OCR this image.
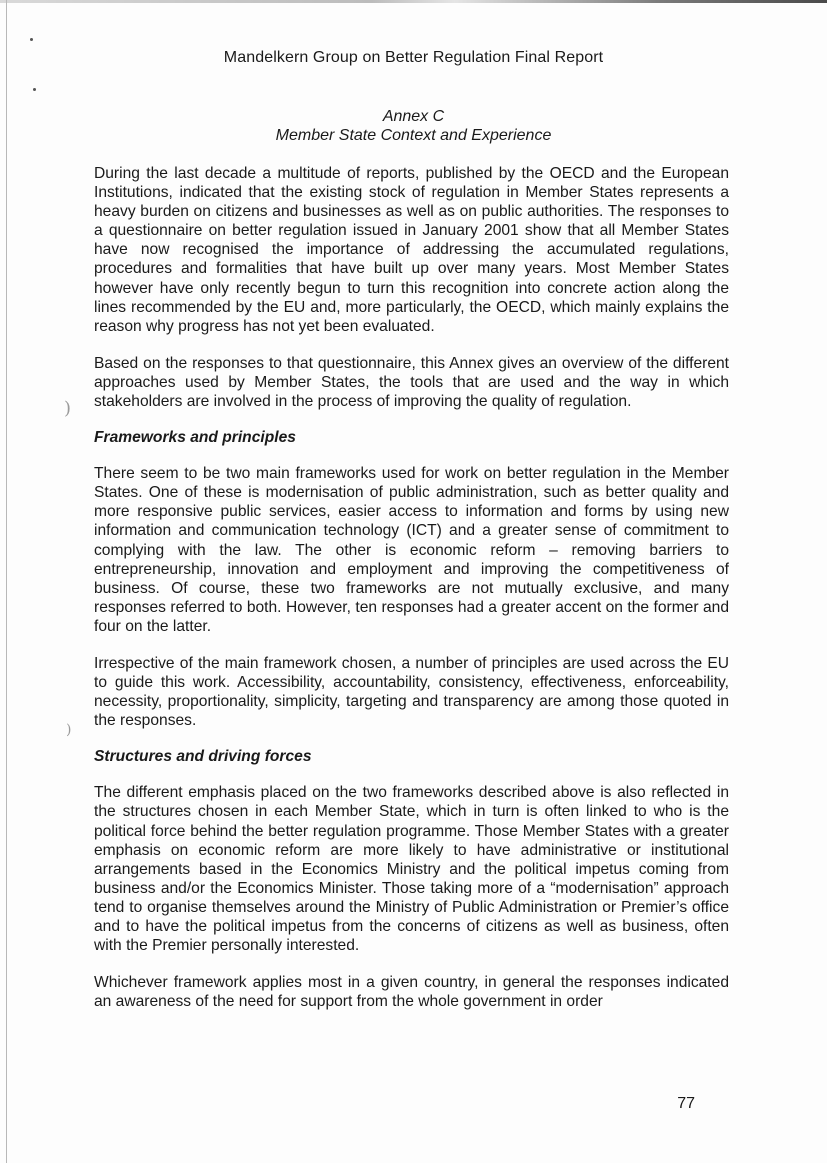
)
)
Mandelkern Group on Better Regulation Final Report
Annex C
Member State Context and Experience

During the last decade a multitude of reports, published by the OECD and the European Institutions, indicated that the existing stock of regulation in Member States represents a heavy burden on citizens and businesses as well as on public authorities. The responses to a questionnaire on better regulation issued in January 2001 show that all Member States have now recognised the importance of addressing the accumulated regulations, procedures and formalities that have built up over many years. Most Member States however have only recently begun to turn this recognition into concrete action along the lines recommended by the EU and, more particularly, the OECD, which mainly explains the reason why progress has not yet been evaluated.

Based on the responses to that questionnaire, this Annex gives an overview of the different approaches used by Member States, the tools that are used and the way in which stakeholders are involved in the process of improving the quality of regulation.

Frameworks and principles

There seem to be two main frameworks used for work on better regulation in the Member States. One of these is modernisation of public administration, such as better quality and more responsive public services, easier access to information and forms by using new information and communication technology (ICT) and a greater sense of commitment to complying with the law. The other is economic reform – removing barriers to entrepreneurship, innovation and employment and improving the competitiveness of business. Of course, these two frameworks are not mutually exclusive, and many responses referred to both. However, ten responses had a greater accent on the former and four on the latter.

Irrespective of the main framework chosen, a number of principles are used across the EU to guide this work. Accessibility, accountability, consistency, effectiveness, enforceability, necessity, proportionality, simplicity, targeting and transparency are among those quoted in the responses.

Structures and driving forces

The different emphasis placed on the two frameworks described above is also reflected in the structures chosen in each Member State, which in turn is often linked to who is the political force behind the better regulation programme. Those Member States with a greater emphasis on economic reform are more likely to have administrative or institutional arrangements based in the Economics Ministry and the political impetus coming from business and/or the Economics Minister. Those taking more of a “modernisation” approach tend to organise themselves around the Ministry of Public Administration or Premier’s office and to have the political impetus from the concerns of citizens as well as business, often with the Premier personally interested.

Whichever framework applies most in a given country, in general the responses indicated an awareness of the need for support from the whole government in order

77
